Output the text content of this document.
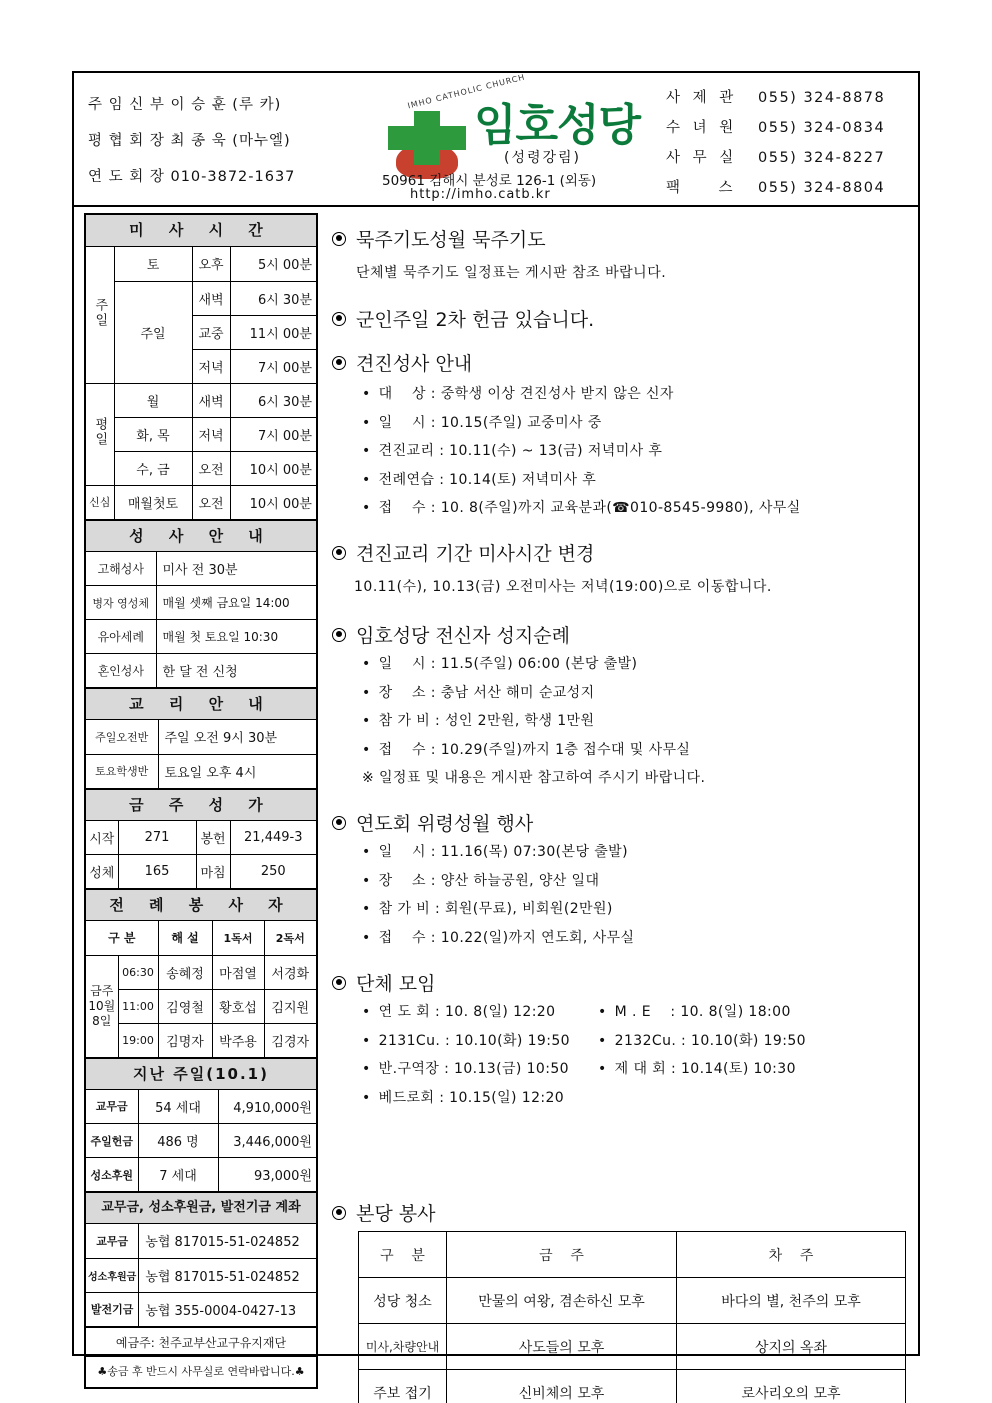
주 임 신 부 이 승 훈 (루 카)
평 협 회 장 최 종 욱 (마누엘)
연 도 회 장 010-3872-1637
IMHO CATHOLIC CHURCH
임호성당
(성령강림)
50961 김해시 분성로 126-1 (외동)
http://imho.catb.kr
사 제 관	055) 324-8878
수 녀 원	055) 324-0834
사 무 실	055) 324-8227
팩    스	055) 324-8804
미 사 시 간
주일	토	오후	5시 00분
	주일	새벽	6시 30분
		교중	11시 00분
		저녁	7시 00분
평일	월	새벽	6시 30분
	화, 목	저녁	7시 00분
	수, 금	오전	10시 00분
신심	매월첫토	오전	10시 00분
성 사 안 내
고해성사	미사 전 30분
병자 영성체	매월 셋째 금요일 14:00
유아세례	매월 첫 토요일 10:30
혼인성사	한 달 전 신청
교 리 안 내
주일오전반	주일 오전 9시 30분
토요학생반	토요일 오후 4시
금 주 성 가
시작	271	봉헌	21,449-3
성체	165	마침	250
전 례 봉 사 자
구 분		해 설	1독서	2독서
금주 10월 8일	06:30	송혜정	마점열	서경화
	11:00	김영철	황호섭	김지원
	19:00	김명자	박주용	김경자
지난 주일(10.1)
교무금	54 세대	4,910,000원
주일헌금	486 명	3,446,000원
성소후원	7 세대	93,000원
교무금, 성소후원금, 발전기금 계좌
교무금	농협 817015-51-024852
성소후원금	농협 817015-51-024852
발전기금	농협 355-0004-0427-13
예금주: 천주교부산교구유지재단
♣송금 후 반드시 사무실로 연락바랍니다.♣
묵주기도성월 묵주기도
단체별 묵주기도 일정표는 게시판 참조 바랍니다.
군인주일 2차 헌금 있습니다.
견진성사 안내
• 대    상 : 중학생 이상 견진성사 받지 않은 신자
• 일    시 : 10.15(주일) 교중미사 중
• 견진교리 : 10.11(수) ~ 13(금) 저녁미사 후
• 전례연습 : 10.14(토) 저녁미사 후
• 접    수 : 10. 8(주일)까지 교육분과(☎010-8545-9980), 사무실
견진교리 기간 미사시간 변경
10.11(수), 10.13(금) 오전미사는 저녁(19:00)으로 이동합니다.
임호성당 전신자 성지순례
• 일    시 : 11.5(주일) 06:00 (본당 출발)
• 장    소 : 충남 서산 해미 순교성지
• 참 가 비 : 성인 2만원, 학생 1만원
• 접    수 : 10.29(주일)까지 1층 접수대 및 사무실
※ 일정표 및 내용은 게시판 참고하여 주시기 바랍니다.
연도회 위령성월 행사
• 일    시 : 11.16(목) 07:30(본당 출발)
• 장    소 : 양산 하늘공원, 양산 일대
• 참 가 비 : 회원(무료), 비회원(2만원)
• 접    수 : 10.22(일)까지 연도회, 사무실
단체 모임
• 연 도 회 : 10. 8(일) 12:20	• M . E    : 10. 8(일) 18:00
• 2131Cu. : 10.10(화) 19:50	• 2132Cu. : 10.10(화) 19:50
• 반.구역장 : 10.13(금) 10:50	• 제 대 회 : 10.14(토) 10:30
• 베드로회 : 10.15(일) 12:20
본당 봉사
구    분	금    주	차    주
성당 청소	만물의 여왕, 겸손하신 모후	바다의 별, 천주의 모후
미사,차량안내	사도들의 모후	상지의 옥좌
주보 접기	신비체의 모후	로사리오의 모후
